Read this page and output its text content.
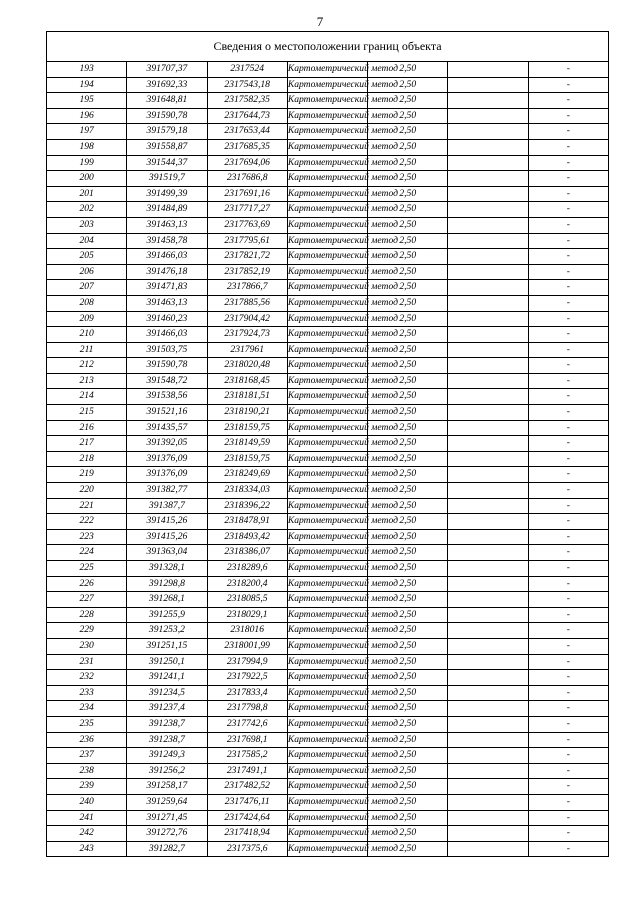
7
Сведения о местоположении границ объекта						
193	391707,37	2317524	Картометрический метод	2,50		-
194	391692,33	2317543,18	Картометрический метод	2,50		-
195	391648,81	2317582,35	Картометрический метод	2,50		-
196	391590,78	2317644,73	Картометрический метод	2,50		-
197	391579,18	2317653,44	Картометрический метод	2,50		-
198	391558,87	2317685,35	Картометрический метод	2,50		-
199	391544,37	2317694,06	Картометрический метод	2,50		-
200	391519,7	2317686,8	Картометрический метод	2,50		-
201	391499,39	2317691,16	Картометрический метод	2,50		-
202	391484,89	2317717,27	Картометрический метод	2,50		-
203	391463,13	2317763,69	Картометрический метод	2,50		-
204	391458,78	2317795,61	Картометрический метод	2,50		-
205	391466,03	2317821,72	Картометрический метод	2,50		-
206	391476,18	2317852,19	Картометрический метод	2,50		-
207	391471,83	2317866,7	Картометрический метод	2,50		-
208	391463,13	2317885,56	Картометрический метод	2,50		-
209	391460,23	2317904,42	Картометрический метод	2,50		-
210	391466,03	2317924,73	Картометрический метод	2,50		-
211	391503,75	2317961	Картометрический метод	2,50		-
212	391590,78	2318020,48	Картометрический метод	2,50		-
213	391548,72	2318168,45	Картометрический метод	2,50		-
214	391538,56	2318181,51	Картометрический метод	2,50		-
215	391521,16	2318190,21	Картометрический метод	2,50		-
216	391435,57	2318159,75	Картометрический метод	2,50		-
217	391392,05	2318149,59	Картометрический метод	2,50		-
218	391376,09	2318159,75	Картометрический метод	2,50		-
219	391376,09	2318249,69	Картометрический метод	2,50		-
220	391382,77	2318334,03	Картометрический метод	2,50		-
221	391387,7	2318396,22	Картометрический метод	2,50		-
222	391415,26	2318478,91	Картометрический метод	2,50		-
223	391415,26	2318493,42	Картометрический метод	2,50		-
224	391363,04	2318386,07	Картометрический метод	2,50		-
225	391328,1	2318289,6	Картометрический метод	2,50		-
226	391298,8	2318200,4	Картометрический метод	2,50		-
227	391268,1	2318085,5	Картометрический метод	2,50		-
228	391255,9	2318029,1	Картометрический метод	2,50		-
229	391253,2	2318016	Картометрический метод	2,50		-
230	391251,15	2318001,99	Картометрический метод	2,50		-
231	391250,1	2317994,9	Картометрический метод	2,50		-
232	391241,1	2317922,5	Картометрический метод	2,50		-
233	391234,5	2317833,4	Картометрический метод	2,50		-
234	391237,4	2317798,8	Картометрический метод	2,50		-
235	391238,7	2317742,6	Картометрический метод	2,50		-
236	391238,7	2317698,1	Картометрический метод	2,50		-
237	391249,3	2317585,2	Картометрический метод	2,50		-
238	391256,2	2317491,1	Картометрический метод	2,50		-
239	391258,17	2317482,52	Картометрический метод	2,50		-
240	391259,64	2317476,11	Картометрический метод	2,50		-
241	391271,45	2317424,64	Картометрический метод	2,50		-
242	391272,76	2317418,94	Картометрический метод	2,50		-
243	391282,7	2317375,6	Картометрический метод	2,50		-
